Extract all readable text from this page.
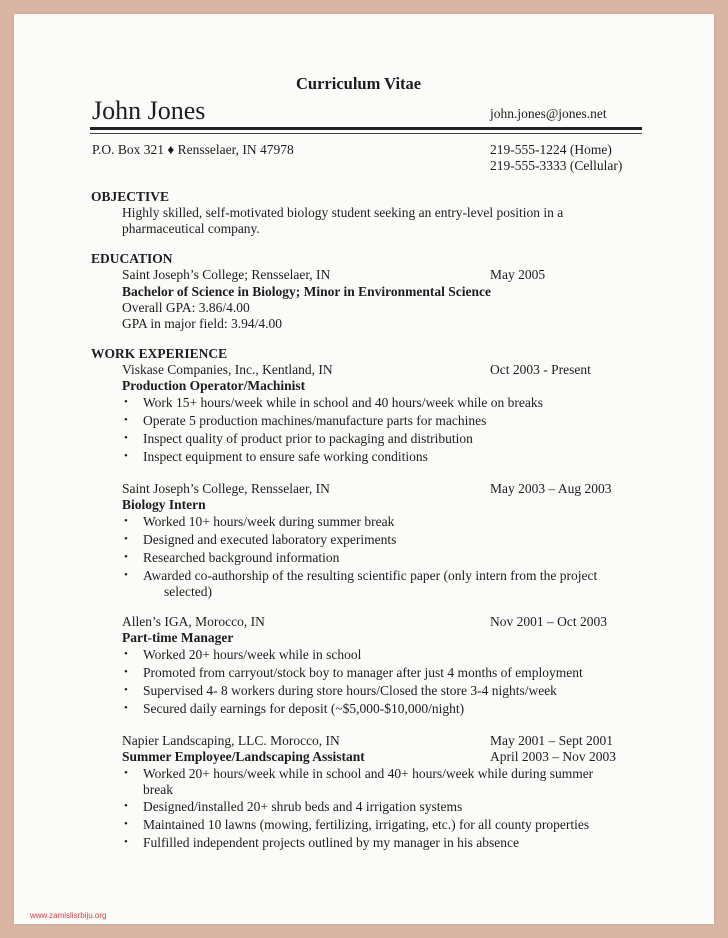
Curriculum Vitae
John Jones	john.jones@jones.net
P.O. Box 321 ♦ Rensselaer, IN 47978	219-555-1224 (Home)
219-555-3333 (Cellular)
OBJECTIVE
Highly skilled, self-motivated biology student seeking an entry-level position in a
pharmaceutical company.
EDUCATION
Saint Joseph’s College; Rensselaer, IN	May 2005
Bachelor of Science in Biology; Minor in Environmental Science
Overall GPA: 3.86/4.00
GPA in major field: 3.94/4.00
WORK EXPERIENCE
Viskase Companies, Inc., Kentland, IN	Oct 2003 - Present
Production Operator/Machinist
• Work 15+ hours/week while in school and 40 hours/week while on breaks
• Operate 5 production machines/manufacture parts for machines
• Inspect quality of product prior to packaging and distribution
• Inspect equipment to ensure safe working conditions
Saint Joseph’s College, Rensselaer, IN	May 2003 – Aug 2003
Biology Intern
• Worked 10+ hours/week during summer break
• Designed and executed laboratory experiments
• Researched background information
• Awarded co-authorship of the resulting scientific paper (only intern from the project
selected)
Allen’s IGA, Morocco, IN	Nov 2001 – Oct 2003
Part-time Manager
• Worked 20+ hours/week while in school
• Promoted from carryout/stock boy to manager after just 4 months of employment
• Supervised 4- 8 workers during store hours/Closed the store 3-4 nights/week
• Secured daily earnings for deposit (~$5,000-$10,000/night)
Napier Landscaping, LLC. Morocco, IN	May 2001 – Sept 2001
Summer Employee/Landscaping Assistant	April 2003 – Nov 2003
• Worked 20+ hours/week while in school and 40+ hours/week while during summer
break
• Designed/installed 20+ shrub beds and 4 irrigation systems
• Maintained 10 lawns (mowing, fertilizing, irrigating, etc.) for all county properties
• Fulfilled independent projects outlined by my manager in his absence
www.zamislisrbiju.org
